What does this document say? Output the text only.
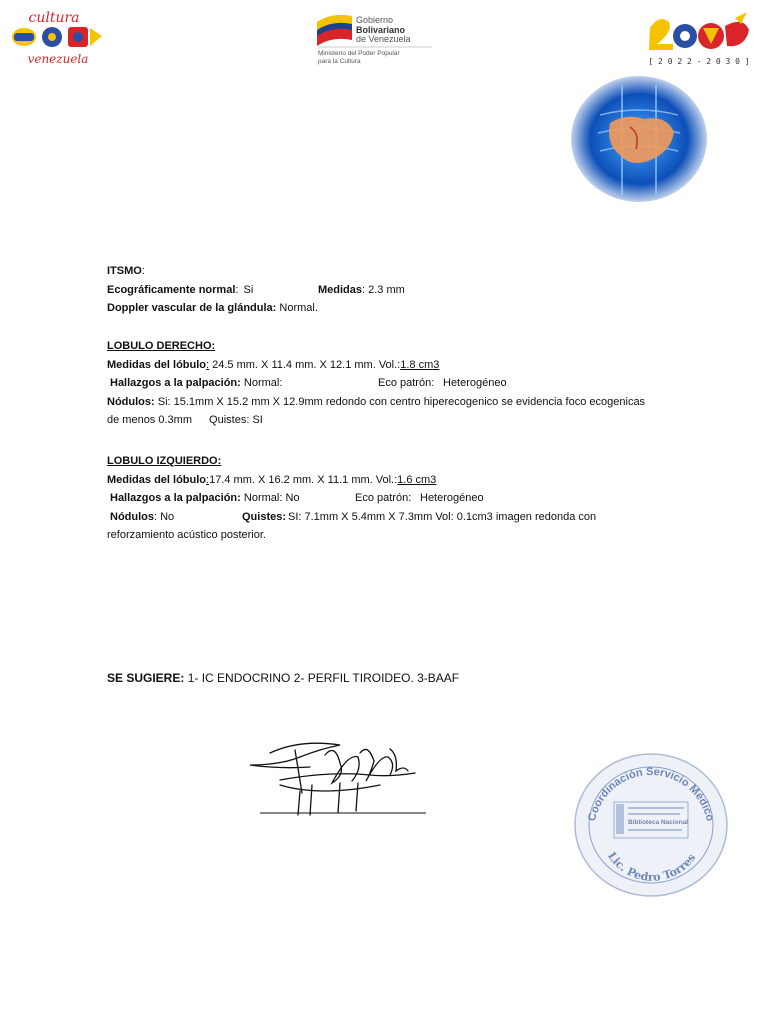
cultura
venezuela
Gobierno
Bolivariano
de Venezuela
Ministerio del Poder Popular
para la Cultura	[ 2 0 2 2 - 2 0 3 0 ]
ITSMO:
Ecográficamente normal: Si	Medidas : 2.3 mm
Doppler vascular de la glándula: Normal.
LOBULO DERECHO:
Medidas del lóbulo: 24.5 mm. X 11.4 mm. X 12.1 mm. Vol.:1.8 cm3
Hallazgos a la palpación: Normal:	Eco patrón: Heterogéneo
Nódulos: Si: 15.1mm X 15.2 mm X 12.9mm redondo con centro hiperecogenico se evidencia foco ecogenicas
de menos 0.3mm Quistes: SI
LOBULO IZQUIERDO:
Medidas del lóbulo:17.4 mm. X 16.2 mm. X 11.1 mm. Vol.:1.6 cm3
Hallazgos a la palpación: Normal: No	Eco patrón: Heterogéneo
Nódulos: No	Quistes: SI: 7.1mm X 5.4mm X 7.3mm Vol: 0.1cm3 imagen redonda con
reforzamiento acústico posterior.
SE SUGIERE: 1- IC ENDOCRINO 2- PERFIL TIROIDEO. 3-BAAF
Coordinación Servicio Médico
Lic. Pedro Torres
Biblioteca Nacional
